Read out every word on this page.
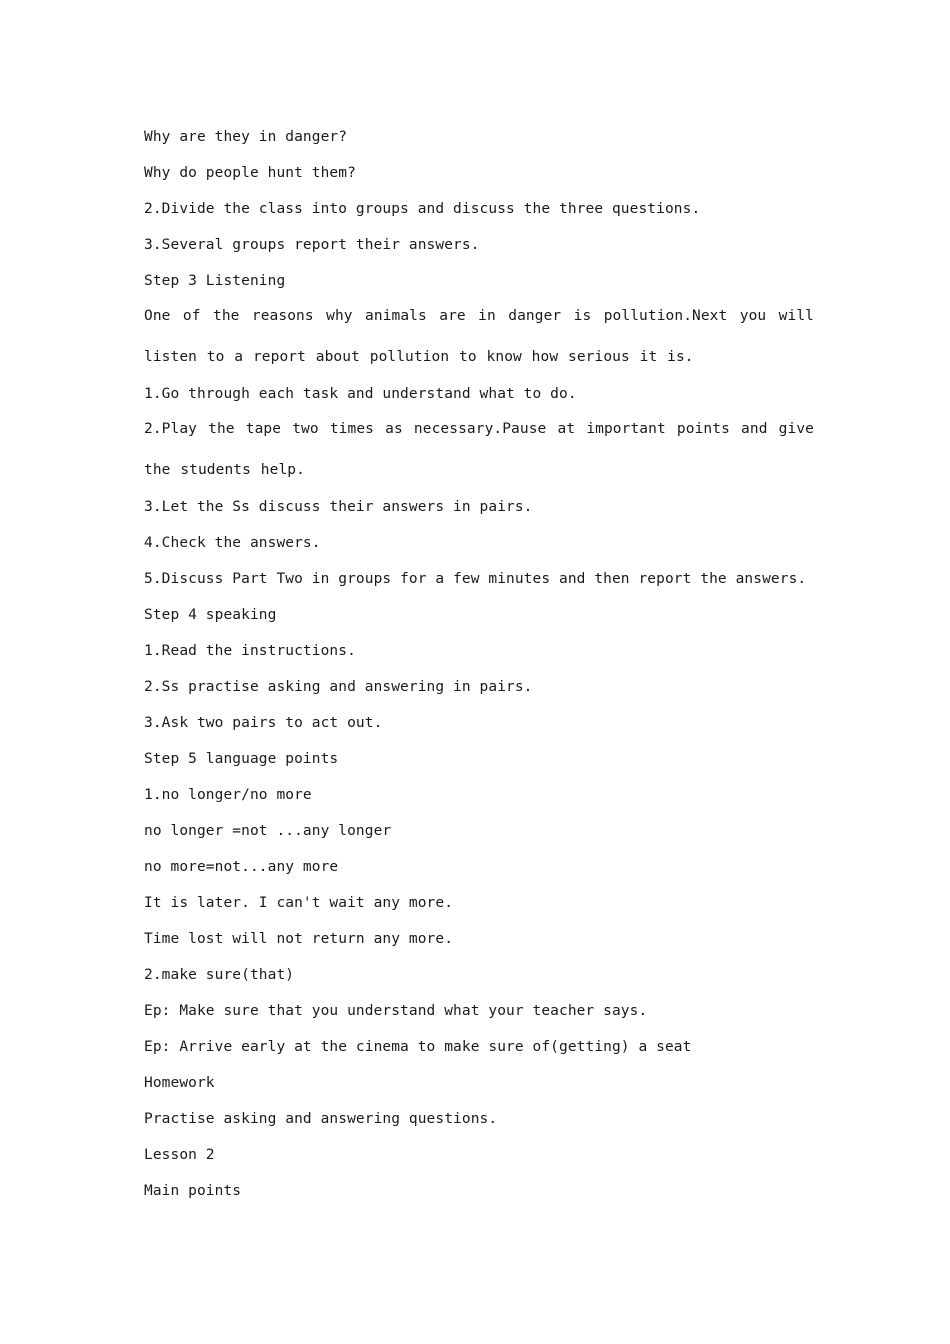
Why are they in danger?
Why do people hunt them?
2.Divide the class into groups and discuss the three questions.
3.Several groups report their answers.
Step 3 Listening
One of the reasons why animals are in danger is pollution.Next you will listen to a report about pollution to know how serious it is.
1.Go through each task and understand what to do.
2.Play the tape two times as necessary.Pause at important points and give the students help.
3.Let the Ss discuss their answers in pairs.
4.Check the answers.
5.Discuss Part Two in groups for a few minutes and then report the answers.
Step 4 speaking
1.Read the instructions.
2.Ss practise asking and answering in pairs.
3.Ask two pairs to act out.
Step 5 language points
1.no longer/no more
no longer =not ...any longer
no more=not...any more
It is later. I can't wait any more.
Time lost will not return any more.
2.make sure(that)
Ep: Make sure that you understand what your teacher says.
Ep: Arrive early at the cinema to make sure of(getting) a seat
Homework
Practise asking and answering questions.
Lesson 2
Main points
